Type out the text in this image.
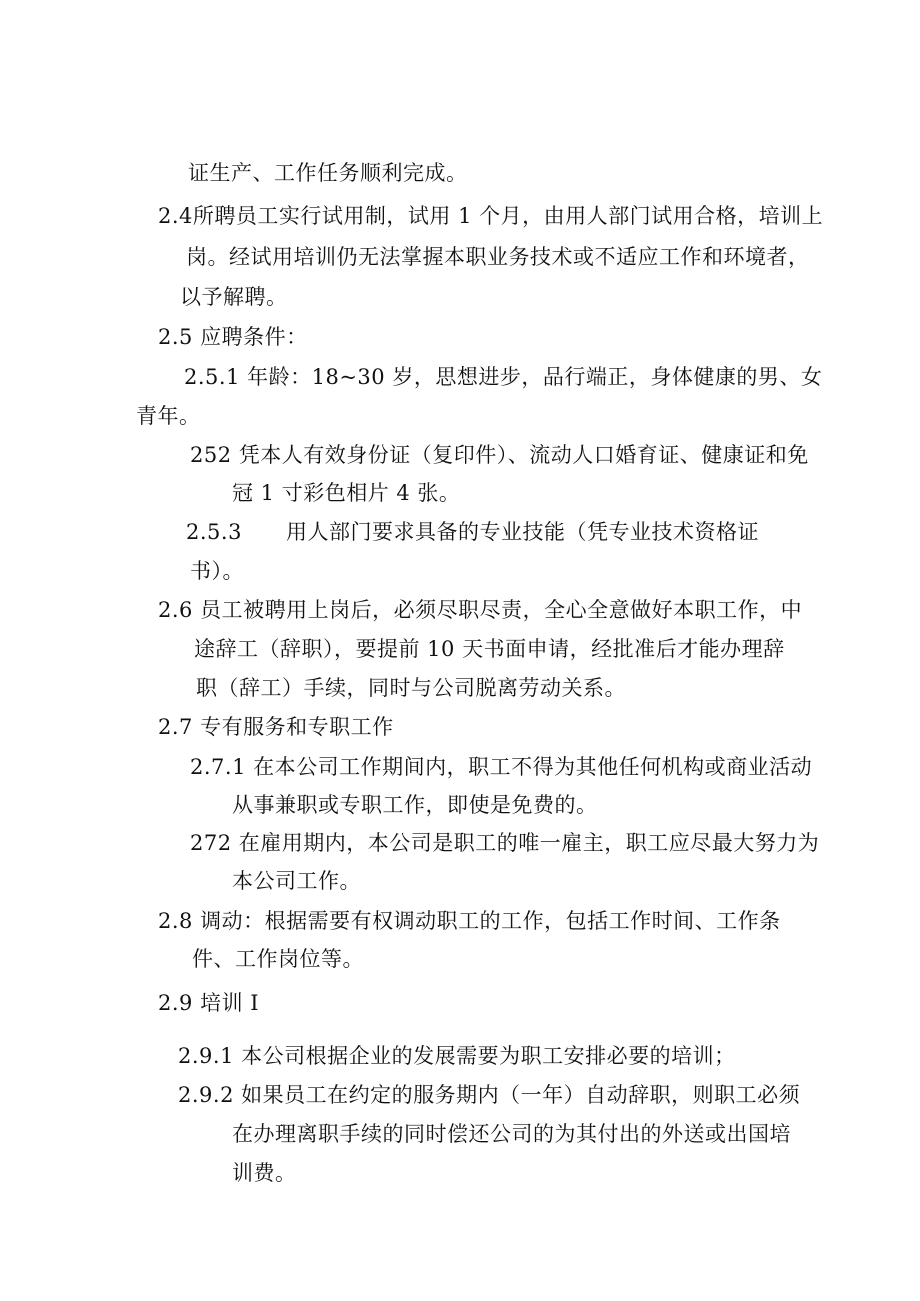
证生产、工作任务顺利完成。
2.4所聘员工实行试用制，试用 1 个月，由用人部门试用合格，培训上
岗。经试用培训仍无法掌握本职业务技术或不适应工作和环境者，
以予解聘。
2.5 应聘条件：
2.5.1 年龄：18~30 岁，思想进步，品行端正，身体健康的男、女
青年。
252 凭本人有效身份证（复印件）、流动人口婚育证、健康证和免
冠 1 寸彩色相片 4 张。
2.5.3 用人部门要求具备的专业技能（凭专业技术资格证
书）。
2.6 员工被聘用上岗后，必须尽职尽责，全心全意做好本职工作，中
途辞工（辞职），要提前 10 天书面申请，经批准后才能办理辞
职（辞工）手续，同时与公司脱离劳动关系。
2.7 专有服务和专职工作
2.7.1 在本公司工作期间内，职工不得为其他任何机构或商业活动
从事兼职或专职工作，即使是免费的。
272 在雇用期内，本公司是职工的唯一雇主，职工应尽最大努力为
本公司工作。
2.8 调动：根据需要有权调动职工的工作，包括工作时间、工作条
件、工作岗位等。
2.9 培训 I
2.9.1 本公司根据企业的发展需要为职工安排必要的培训；
2.9.2 如果员工在约定的服务期内（一年）自动辞职，则职工必须
在办理离职手续的同时偿还公司的为其付出的外送或出国培
训费。
